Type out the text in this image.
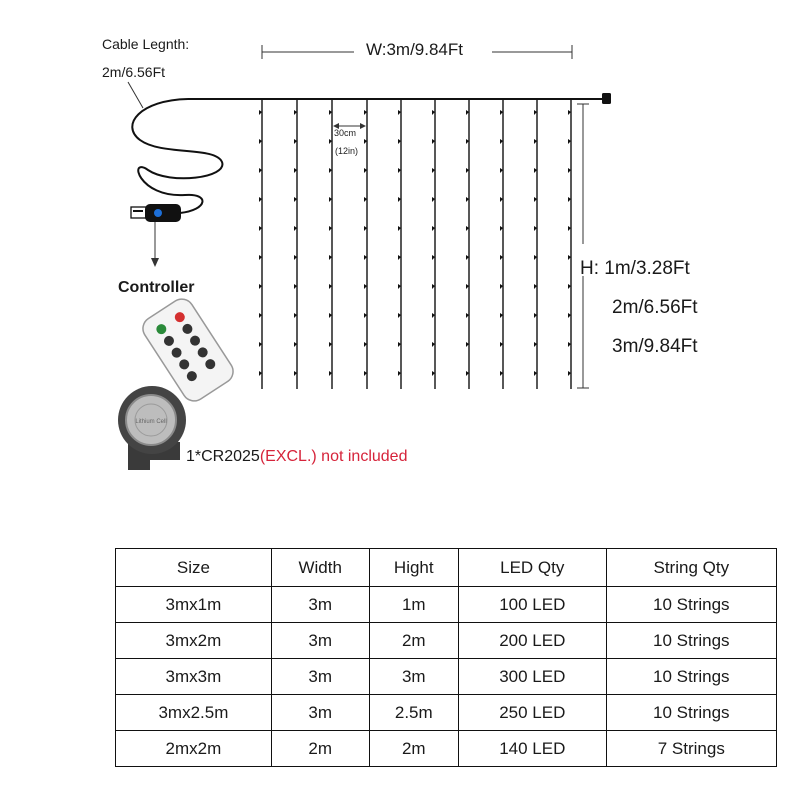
Lithium Cell
Cable Legnth:
2m/6.56Ft
W:3m/9.84Ft
30cm
(12in)
H: 1m/3.28Ft
2m/6.56Ft
3m/9.84Ft
Controller
1*CR2025(EXCL.) not included
Size	Width	Hight	LED Qty	String Qty
3mx1m	3m	1m	100 LED	10 Strings
3mx2m	3m	2m	200 LED	10 Strings
3mx3m	3m	3m	300 LED	10 Strings
3mx2.5m	3m	2.5m	250 LED	10 Strings
2mx2m	2m	2m	140 LED	7 Strings
